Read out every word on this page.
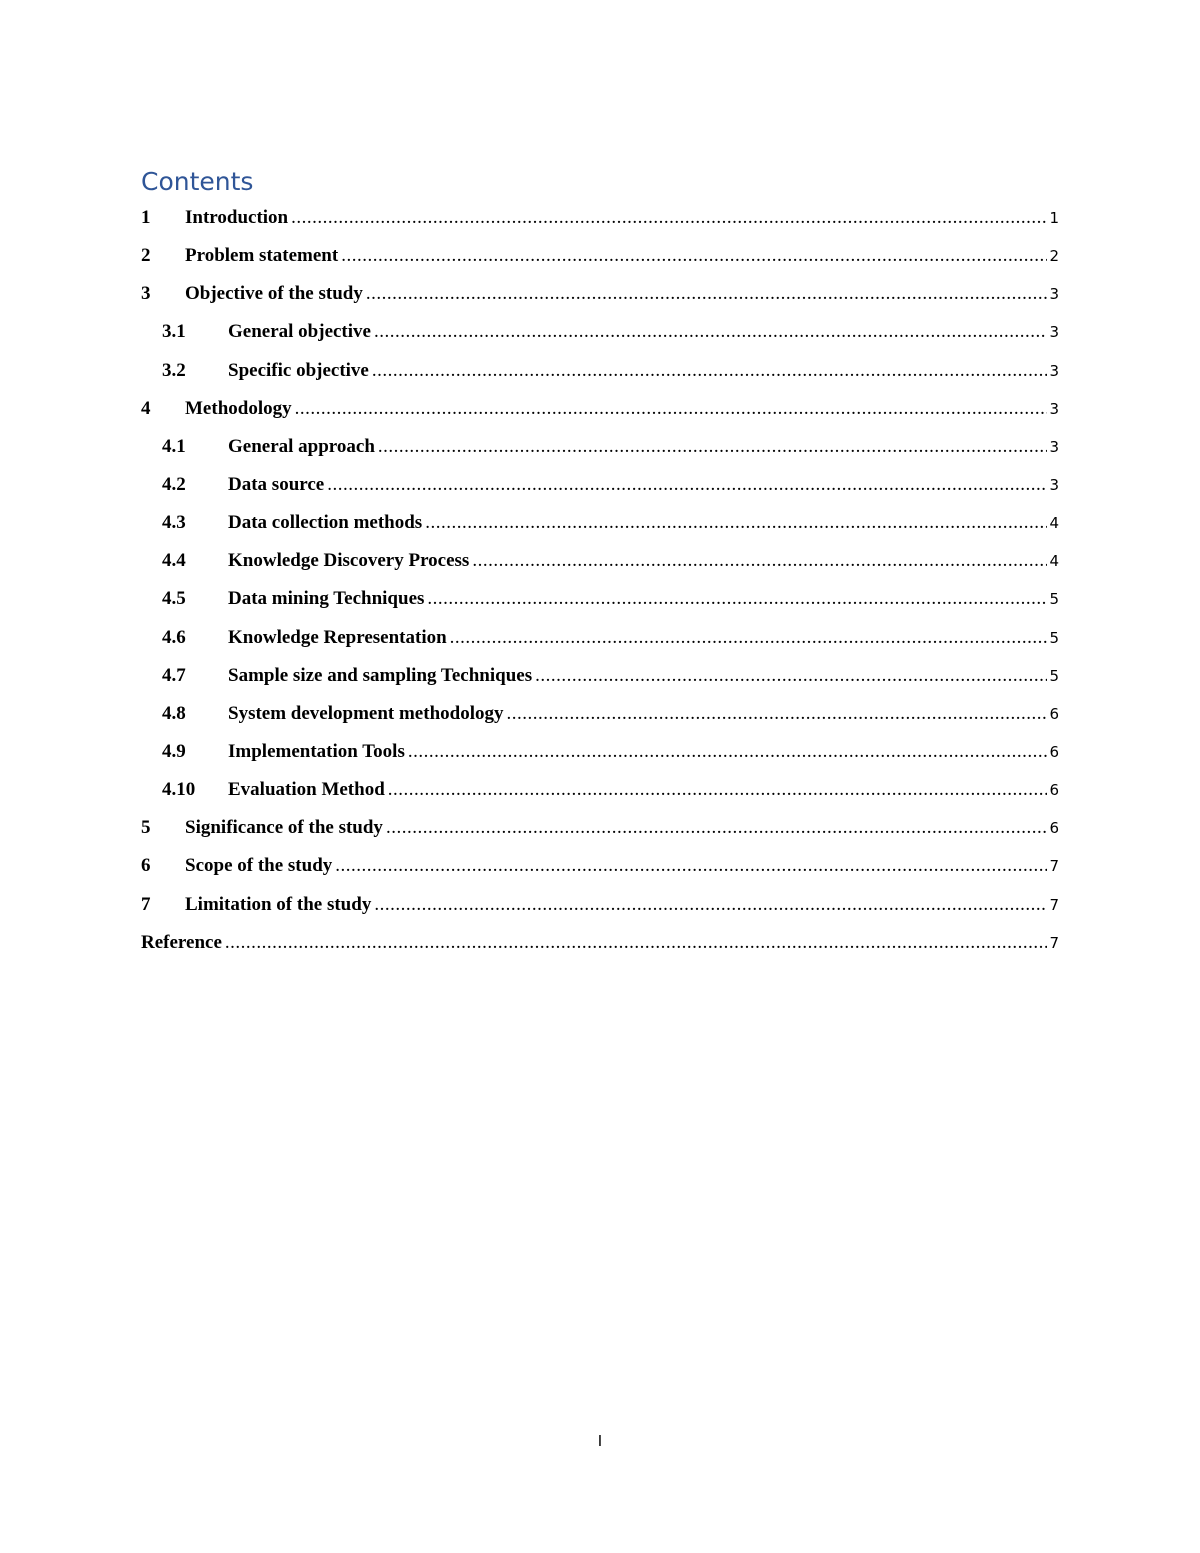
Contents
1	Introduction .....	1
2	Problem statement .....	2
3	Objective of the study .....	3
3.1	General objective .....	3
3.2	Specific objective .....	3
4	Methodology .....	3
4.1	General approach .....	3
4.2	Data source .....	3
4.3	Data collection methods .....	4
4.4	Knowledge Discovery Process .....	4
4.5	Data mining Techniques .....	5
4.6	Knowledge Representation .....	5
4.7	Sample size and sampling Techniques .....	5
4.8	System development methodology .....	6
4.9	Implementation Tools .....	6
4.10	Evaluation Method .....	6
5	Significance of the study .....	6
6	Scope of the study .....	7
7	Limitation of the study .....	7
Reference .....	7
I
